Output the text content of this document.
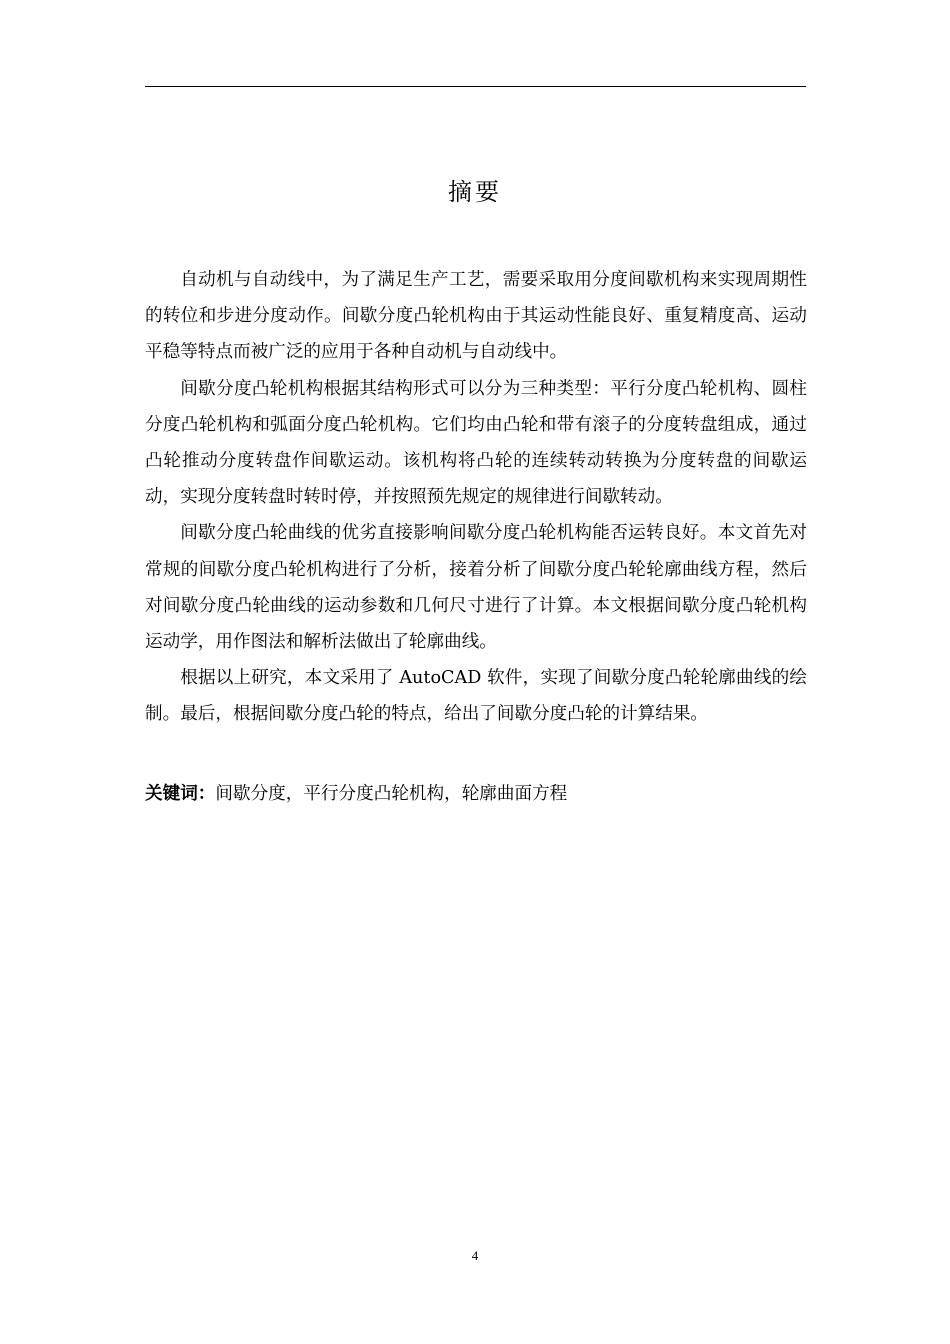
摘要

自动机与自动线中，为了满足生产工艺，需要采取用分度间歇机构来实现周期性的转位和步进分度动作。间歇分度凸轮机构由于其运动性能良好、重复精度高、运动平稳等特点而被广泛的应用于各种自动机与自动线中。

间歇分度凸轮机构根据其结构形式可以分为三种类型：平行分度凸轮机构、圆柱分度凸轮机构和弧面分度凸轮机构。它们均由凸轮和带有滚子的分度转盘组成，通过凸轮推动分度转盘作间歇运动。该机构将凸轮的连续转动转换为分度转盘的间歇运动，实现分度转盘时转时停，并按照预先规定的规律进行间歇转动。

间歇分度凸轮曲线的优劣直接影响间歇分度凸轮机构能否运转良好。本文首先对常规的间歇分度凸轮机构进行了分析，接着分析了间歇分度凸轮轮廓曲线方程，然后对间歇分度凸轮曲线的运动参数和几何尺寸进行了计算。本文根据间歇分度凸轮机构运动学，用作图法和解析法做出了轮廓曲线。

根据以上研究，本文采用了 AutoCAD 软件，实现了间歇分度凸轮轮廓曲线的绘制。最后，根据间歇分度凸轮的特点，给出了间歇分度凸轮的计算结果。

关键词：间歇分度，平行分度凸轮机构，轮廓曲面方程
4
